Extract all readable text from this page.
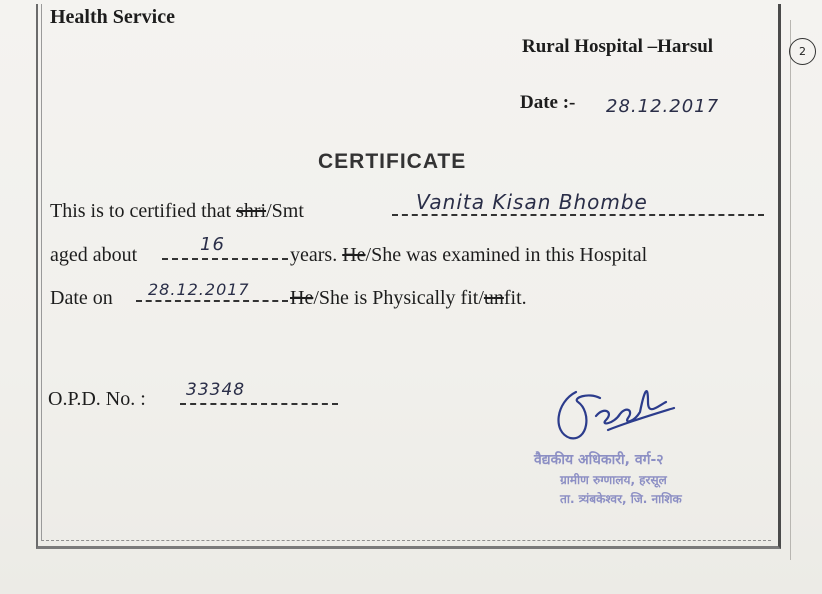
Health Service
Rural Hospital –Harsul	2
Date :- 28.12.2017
CERTIFICATE
This is to certified that shri/Smt	Vanita Kisan Bhombe
aged about	16	years. He/She was examined in this Hospital
Date on 28.12.2017 He/She is Physically fit/unfit.
O.P.D. No. : 33348
वैद्यकीय अधिकारी, वर्ग-२
ग्रामीण रुग्णालय, हरसूल
ता. त्र्यंबकेश्वर, जि. नाशिक
